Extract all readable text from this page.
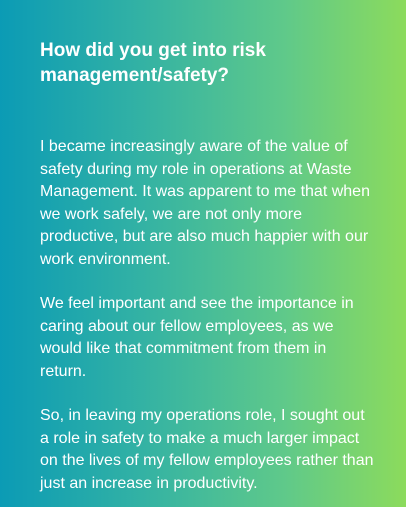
How did you get into risk management/safety?

I became increasingly aware of the value of safety during my role in operations at Waste Management. It was apparent to me that when we work safely, we are not only more productive, but are also much happier with our work environment.

We feel important and see the importance in caring about our fellow employees, as we would like that commitment from them in return.

So, in leaving my operations role, I sought out a role in safety to make a much larger impact on the lives of my fellow employees rather than just an increase in productivity.
